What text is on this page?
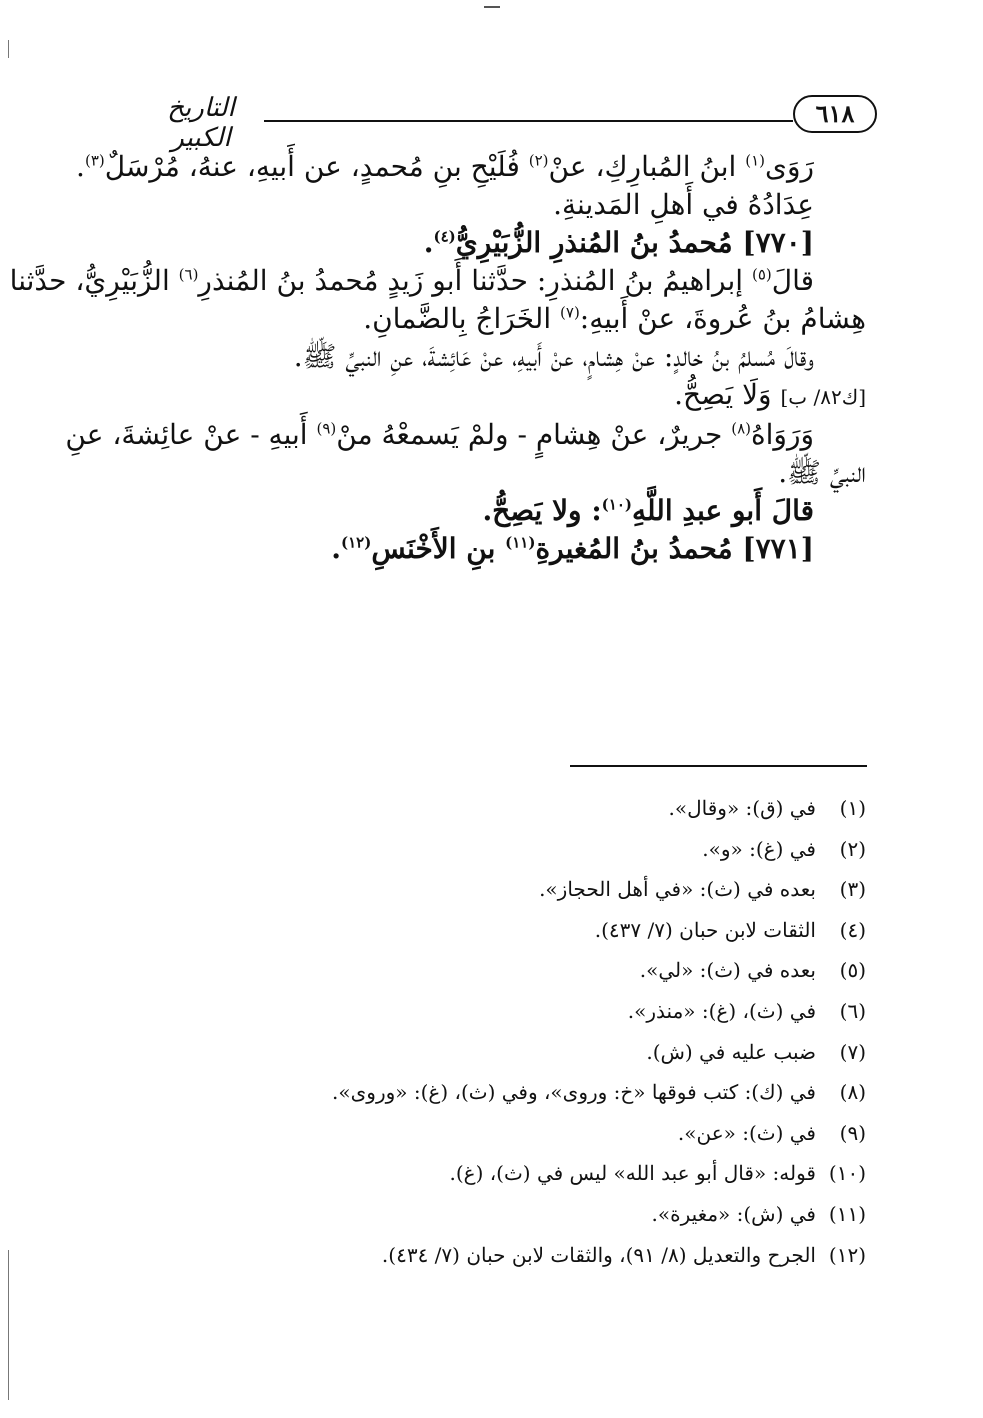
٦١٨
التاريخ الكبير
رَوَى$^{(١)}$ ابنُ المُبارِكِ، عنْ$^{(٢)}$ فُلَيْحِ بنِ مُحمدٍ، عن أَبيهِ، عنهُ، مُرْسَلٌ$^{(٣)}$.
عِدَادُهُ في أَهلِ المَدينةِ.
[٧٧٠] مُحمدُ بنُ المُنذرِ الزُّبَيْرِيُّ$^{(٤)}$.
قالَ$^{(٥)}$ إبراهيمُ بنُ المُنذرِ: حدَّثنا أَبو زَيدٍ مُحمدُ بنُ المُنذرِ$^{(٦)}$ الزُّبَيْرِيُّ، حدَّثنا
هِشامُ بنُ عُروةَ، عنْ أَبيهِ:$^{(٧)}$ الخَرَاجُ بِالضَّمانِ.
وقالَ مُسلمُ بنُ خالدٍ: عنْ هِشامٍ، عنْ أَبيهِ، عنْ عَائِشةَ، عنِ النبيِّ ﷺ.
[ك٨٢/ ب] وَلَا يَصِحُّ.
وَرَوَاهُ$^{(٨)}$ جريرٌ، عنْ هِشامٍ - ولمْ يَسمعْهُ منْ$^{(٩)}$ أَبيهِ - عنْ عائِشةَ، عنِ
النبيِّ ﷺ.
قالَ أَبو عبدِ اللَّهِ$^{(١٠)}$: ولا يَصِحُّ.
[٧٧١] مُحمدُ بنُ المُغيرةِ$^{(١١)}$ بنِ الأَخْنَسِ$^{(١٢)}$.
(١)في (ق): «وقال».
(٢)في (غ): «و».
(٣)بعده في (ث): «في أهل الحجاز».
(٤)الثقات لابن حبان (٧/ ٤٣٧).
(٥)بعده في (ث): «لي».
(٦)في (ث)، (غ): «منذر».
(٧)ضبب عليه في (ش).
(٨)في (ك): كتب فوقها «خ: وروى»، وفي (ث)، (غ): «وروى».
(٩)في (ث): «عن».
(١٠)قوله: «قال أبو عبد الله» ليس في (ث)، (غ).
(١١)في (ش): «مغيرة».
(١٢)الجرح والتعديل (٨/ ٩١)، والثقات لابن حبان (٧/ ٤٣٤).
